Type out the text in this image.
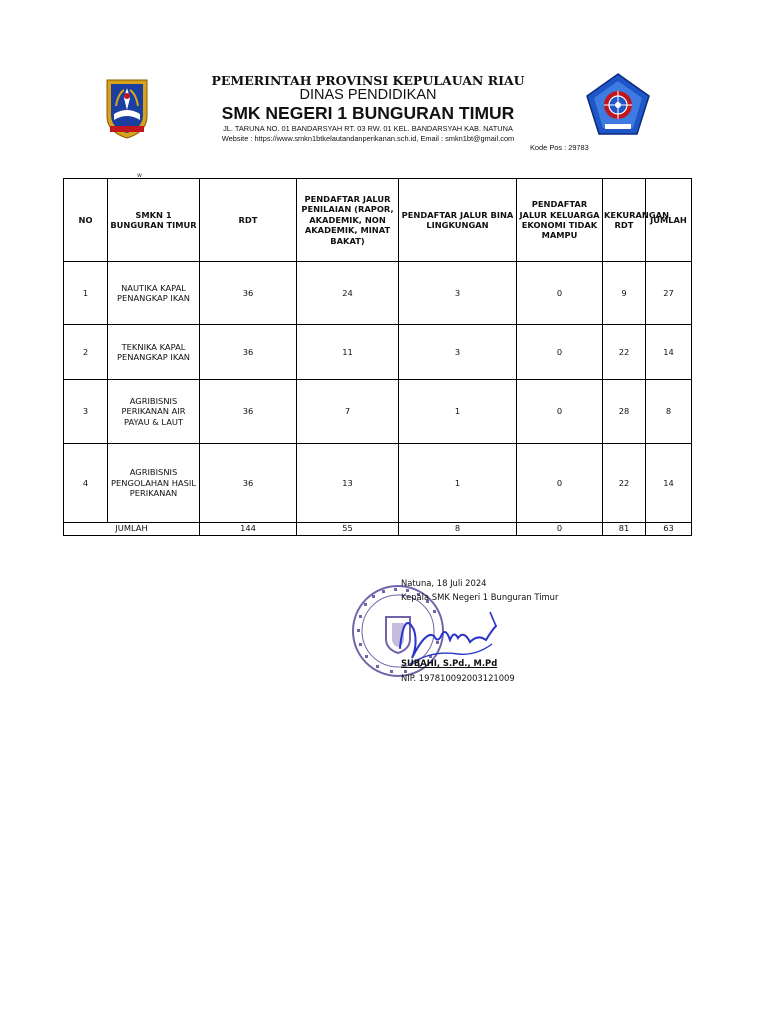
PEMERINTAH PROVINSI KEPULAUAN RIAU
DINAS PENDIDIKAN
SMK NEGERI 1 BUNGURAN TIMUR
JL. TARUNA NO. 01 BANDARSYAH RT. 03 RW. 01 KEL. BANDARSYAH KAB. NATUNA
Website : https://www.smkn1btkelautandanperikanan.sch.id, Email : smkn1bt@gmail.com
Kode Pos : 29783
w
NO	SMKN 1 BUNGURAN TIMUR	RDT	PENDAFTAR JALUR PENILAIAN (RAPOR, AKADEMIK, NON AKADEMIK, MINAT BAKAT)	PENDAFTAR JALUR BINA LINGKUNGAN	PENDAFTAR JALUR KELUARGA EKONOMI TIDAK MAMPU	KEKURANGAN RDT	JUMLAH
1	NAUTIKA KAPAL PENANGKAP IKAN	36	24	3	0	9	27
2	TEKNIKA KAPAL PENANGKAP IKAN	36	11	3	0	22	14
3	AGRIBISNIS PERIKANAN AIR PAYAU & LAUT	36	7	1	0	28	8
4	AGRIBISNIS PENGOLAHAN HASIL PERIKANAN	36	13	1	0	22	14
JUMLAH		144	55	8	0	81	63
Natuna, 18 Juli 2024
Kepala SMK Negeri 1 Bunguran Timur
SUBAHI, S.Pd., M.Pd
NIP. 197810092003121009
